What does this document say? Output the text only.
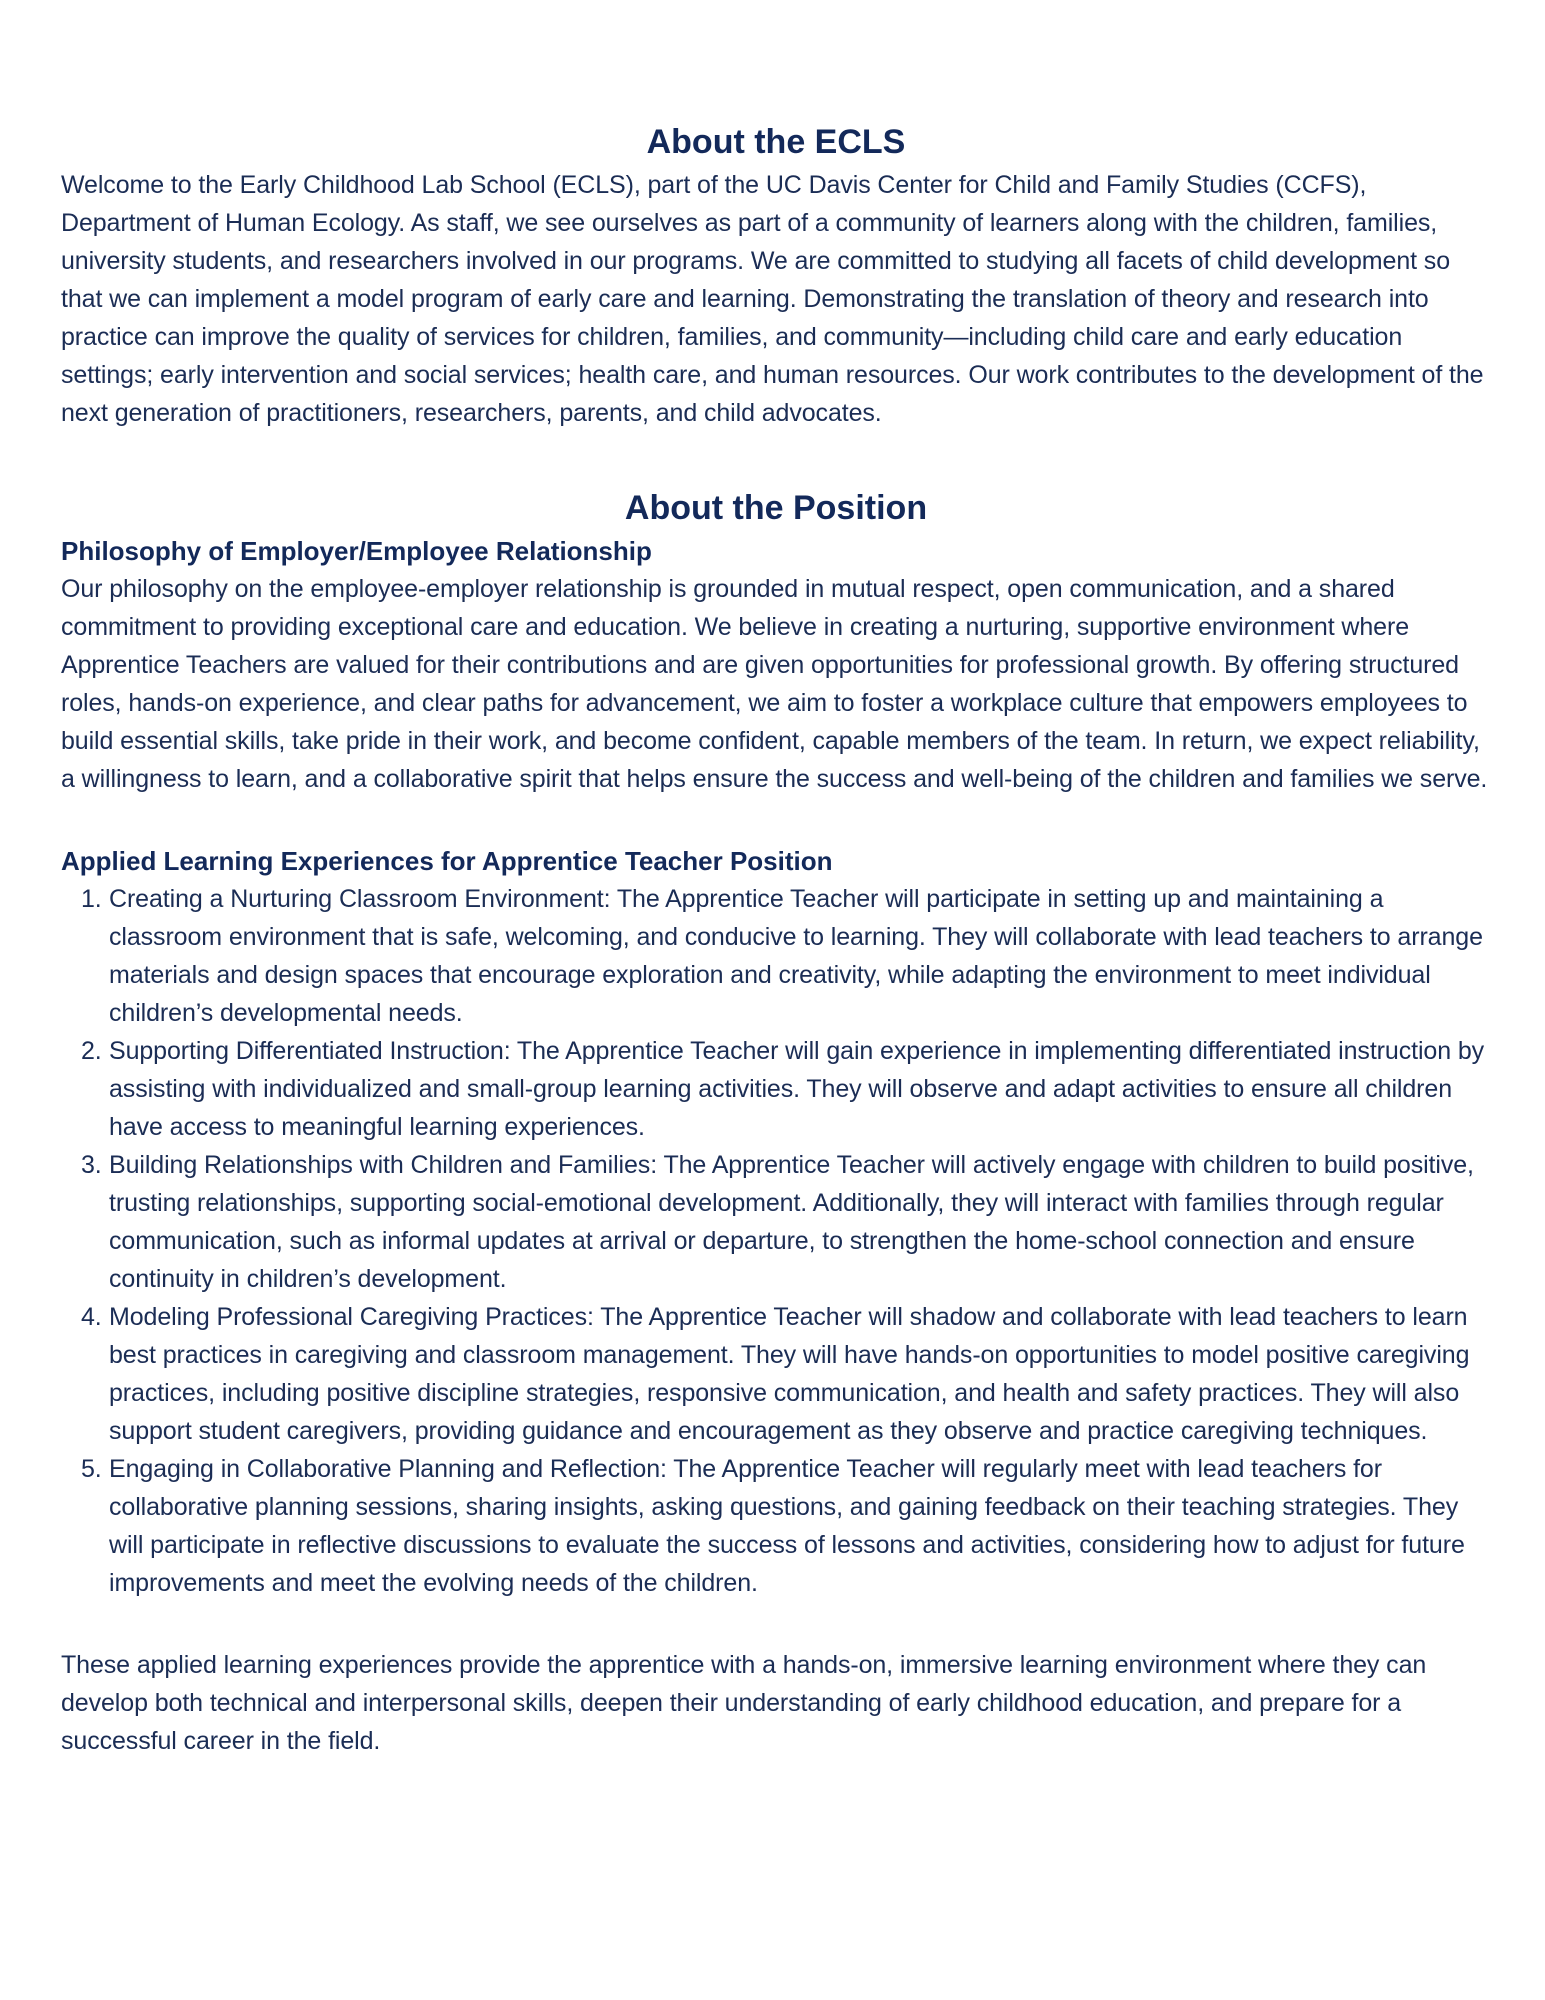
About the ECLS

Welcome to the Early Childhood Lab School (ECLS), part of the UC Davis Center for Child and Family Studies (CCFS), Department of Human Ecology. As staff, we see ourselves as part of a community of learners along with the children, families, university students, and researchers involved in our programs. We are committed to studying all facets of child development so that we can implement a model program of early care and learning. Demonstrating the translation of theory and research into practice can improve the quality of services for children, families, and community—including child care and early education settings; early intervention and social services; health care, and human resources. Our work contributes to the development of the next generation of practitioners, researchers, parents, and child advocates.

About the Position
Philosophy of Employer/Employee Relationship

Our philosophy on the employee-employer relationship is grounded in mutual respect, open communication, and a shared commitment to providing exceptional care and education. We believe in creating a nurturing, supportive environment where Apprentice Teachers are valued for their contributions and are given opportunities for professional growth. By offering structured roles, hands-on experience, and clear paths for advancement, we aim to foster a workplace culture that empowers employees to build essential skills, take pride in their work, and become confident, capable members of the team. In return, we expect reliability, a willingness to learn, and a collaborative spirit that helps ensure the success and well-being of the children and families we serve.

Applied Learning Experiences for Apprentice Teacher Position
1. Creating a Nurturing Classroom Environment: The Apprentice Teacher will participate in setting up and maintaining a classroom environment that is safe, welcoming, and conducive to learning. They will collaborate with lead teachers to arrange materials and design spaces that encourage exploration and creativity, while adapting the environment to meet individual children’s developmental needs.
2. Supporting Differentiated Instruction: The Apprentice Teacher will gain experience in implementing differentiated instruction by assisting with individualized and small-group learning activities. They will observe and adapt activities to ensure all children have access to meaningful learning experiences.
3. Building Relationships with Children and Families: The Apprentice Teacher will actively engage with children to build positive, trusting relationships, supporting social-emotional development. Additionally, they will interact with families through regular communication, such as informal updates at arrival or departure, to strengthen the home-school connection and ensure continuity in children’s development.
4. Modeling Professional Caregiving Practices: The Apprentice Teacher will shadow and collaborate with lead teachers to learn best practices in caregiving and classroom management. They will have hands-on opportunities to model positive caregiving practices, including positive discipline strategies, responsive communication, and health and safety practices. They will also support student caregivers, providing guidance and encouragement as they observe and practice caregiving techniques.
5. Engaging in Collaborative Planning and Reflection: The Apprentice Teacher will regularly meet with lead teachers for collaborative planning sessions, sharing insights, asking questions, and gaining feedback on their teaching strategies. They will participate in reflective discussions to evaluate the success of lessons and activities, considering how to adjust for future improvements and meet the evolving needs of the children.

These applied learning experiences provide the apprentice with a hands-on, immersive learning environment where they can develop both technical and interpersonal skills, deepen their understanding of early childhood education, and prepare for a successful career in the field.
